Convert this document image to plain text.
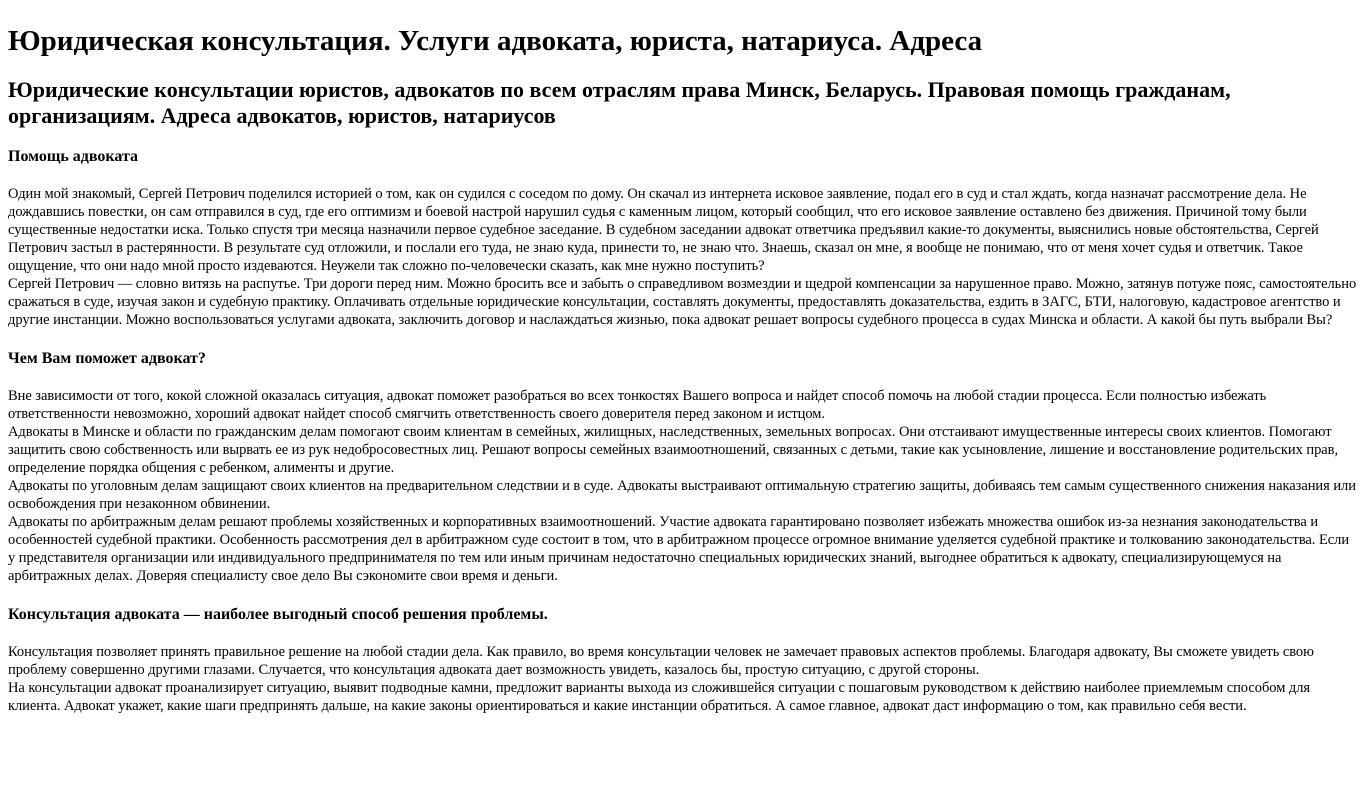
Юридическая консультация. Услуги адвоката, юриста, натариуса. Адреса
Юридические консультации юристов, адвокатов по всем отраслям права Минск, Беларусь. Правовая помощь гражданам, организациям. Адреса адвокатов, юристов, натариусов
Помощь адвоката

Один мой знакомый, Сергей Петрович поделился историей о том, как он судился с соседом по дому. Он скачал из интернета исковое заявление, подал его в суд и стал ждать, когда назначат рассмотрение дела. Не дождавшись повестки, он сам отправился в суд, где его оптимизм и боевой настрой нарушил судья с каменным лицом, который сообщил, что его исковое заявление оставлено без движения. Причиной тому были существенные недостатки иска. Только спустя три месяца назначили первое судебное заседание. В судебном заседании адвокат ответчика предъявил какие-то документы, выяснились новые обстоятельства, Сергей Петрович застыл в растерянности. В результате суд отложили, и послали его туда, не знаю куда, принести то, не знаю что. Знаешь, сказал он мне, я вообще не понимаю, что от меня хочет судья и ответчик. Такое ощущение, что они надо мной просто издеваются. Неужели так сложно по-человечески сказать, как мне нужно поступить?

Сергей Петрович — словно витязь на распутье. Три дороги перед ним. Можно бросить все и забыть о справедливом возмездии и щедрой компенсации за нарушенное право. Можно, затянув потуже пояс, самостоятельно сражаться в суде, изучая закон и судебную практику. Оплачивать отдельные юридические консультации, составлять документы, предоставлять доказательства, ездить в ЗАГС, БТИ, налоговую, кадастровое агентство и другие инстанции. Можно воспользоваться услугами адвоката, заключить договор и наслаждаться жизнью, пока адвокат решает вопросы судебного процесса в судах Минска и области. А какой бы путь выбрали Вы?

Чем Вам поможет адвокат?

Вне зависимости от того, кокой сложной оказалась ситуация, адвокат поможет разобраться во всех тонкостях Вашего вопроса и найдет способ помочь на любой стадии процесса. Если полностью избежать ответственности невозможно, хороший адвокат найдет способ смягчить ответственность своего доверителя перед законом и истцом.

Адвокаты в Минске и области по гражданским делам помогают своим клиентам в семейных, жилищных, наследственных, земельных вопросах. Они отстаивают имущественные интересы своих клиентов. Помогают защитить свою собственность или вырвать ее из рук недобросовестных лиц. Решают вопросы семейных взаимоотношений, связанных с детьми, такие как усыновление, лишение и восстановление родительских прав, определение порядка общения с ребенком, алименты и другие.

Адвокаты по уголовным делам защищают своих клиентов на предварительном следствии и в суде. Адвокаты выстраивают оптимальную стратегию защиты, добиваясь тем самым существенного снижения наказания или освобождения при незаконном обвинении.

Адвокаты по арбитражным делам решают проблемы хозяйственных и корпоративных взаимоотношений. Участие адвоката гарантировано позволяет избежать множества ошибок из-за незнания законодательства и особенностей судебной практики. Особенность рассмотрения дел в арбитражном суде состоит в том, что в арбитражном процессе огромное внимание уделяется судебной практике и толкованию законодательства. Если у представителя организации или индивидуального предпринимателя по тем или иным причинам недостаточно специальных юридических знаний, выгоднее обратиться к адвокату, специализирующемуся на арбитражных делах. Доверяя специалисту свое дело Вы сэкономите свои время и деньги.

Консультация адвоката — наиболее выгодный способ решения проблемы.

Консультация позволяет принять правильное решение на любой стадии дела. Как правило, во время консультации человек не замечает правовых аспектов проблемы. Благодаря адвокату, Вы сможете увидеть свою проблему совершенно другими глазами. Случается, что консультация адвоката дает возможность увидеть, казалось бы, простую ситуацию, с другой стороны.

На консультации адвокат проанализирует ситуацию, выявит подводные камни, предложит варианты выхода из сложившейся ситуации с пошаговым руководством к действию наиболее приемлемым способом для клиента. Адвокат укажет, какие шаги предпринять дальше, на какие законы ориентироваться и какие инстанции обратиться. А самое главное, адвокат даст информацию о том, как правильно себя вести.
